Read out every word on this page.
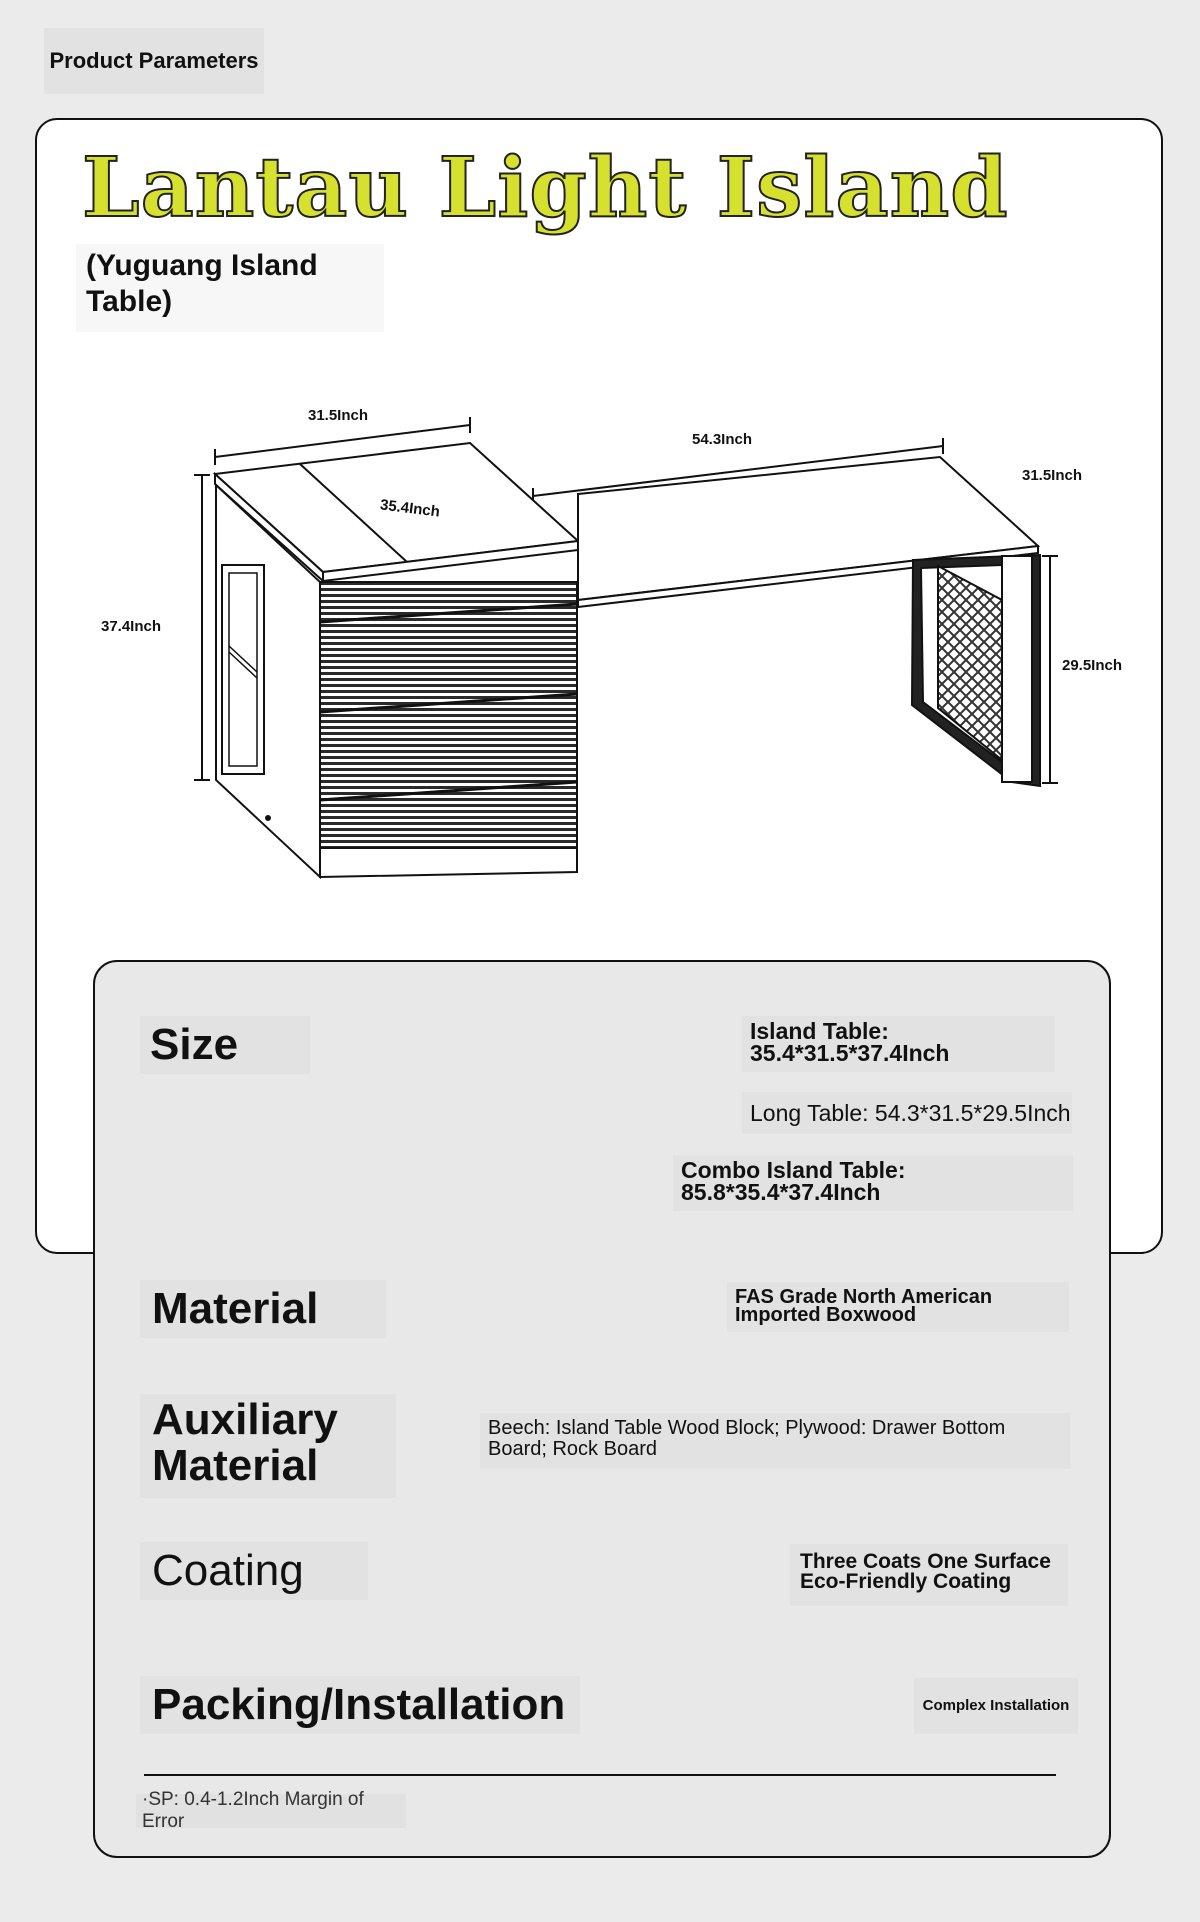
Product Parameters
Lantau Light Island
(Yuguang Island Table)
31.5Inch
35.4Inch
37.4Inch
54.3Inch
31.5Inch
29.5Inch
Size	Island Table:
35.4*31.5*37.4Inch
Long Table: 54.3*31.5*29.5Inch
Combo Island Table:
85.8*35.4*37.4Inch
Material	FAS Grade North American Imported Boxwood
Auxiliary
Material
Beech: Island Table Wood Block; Plywood: Drawer Bottom Board; Rock Board
Coating	Three Coats One Surface Eco-Friendly Coating
Packing/Installation	Complex Installation
·SP: 0.4-1.2Inch Margin of Error
